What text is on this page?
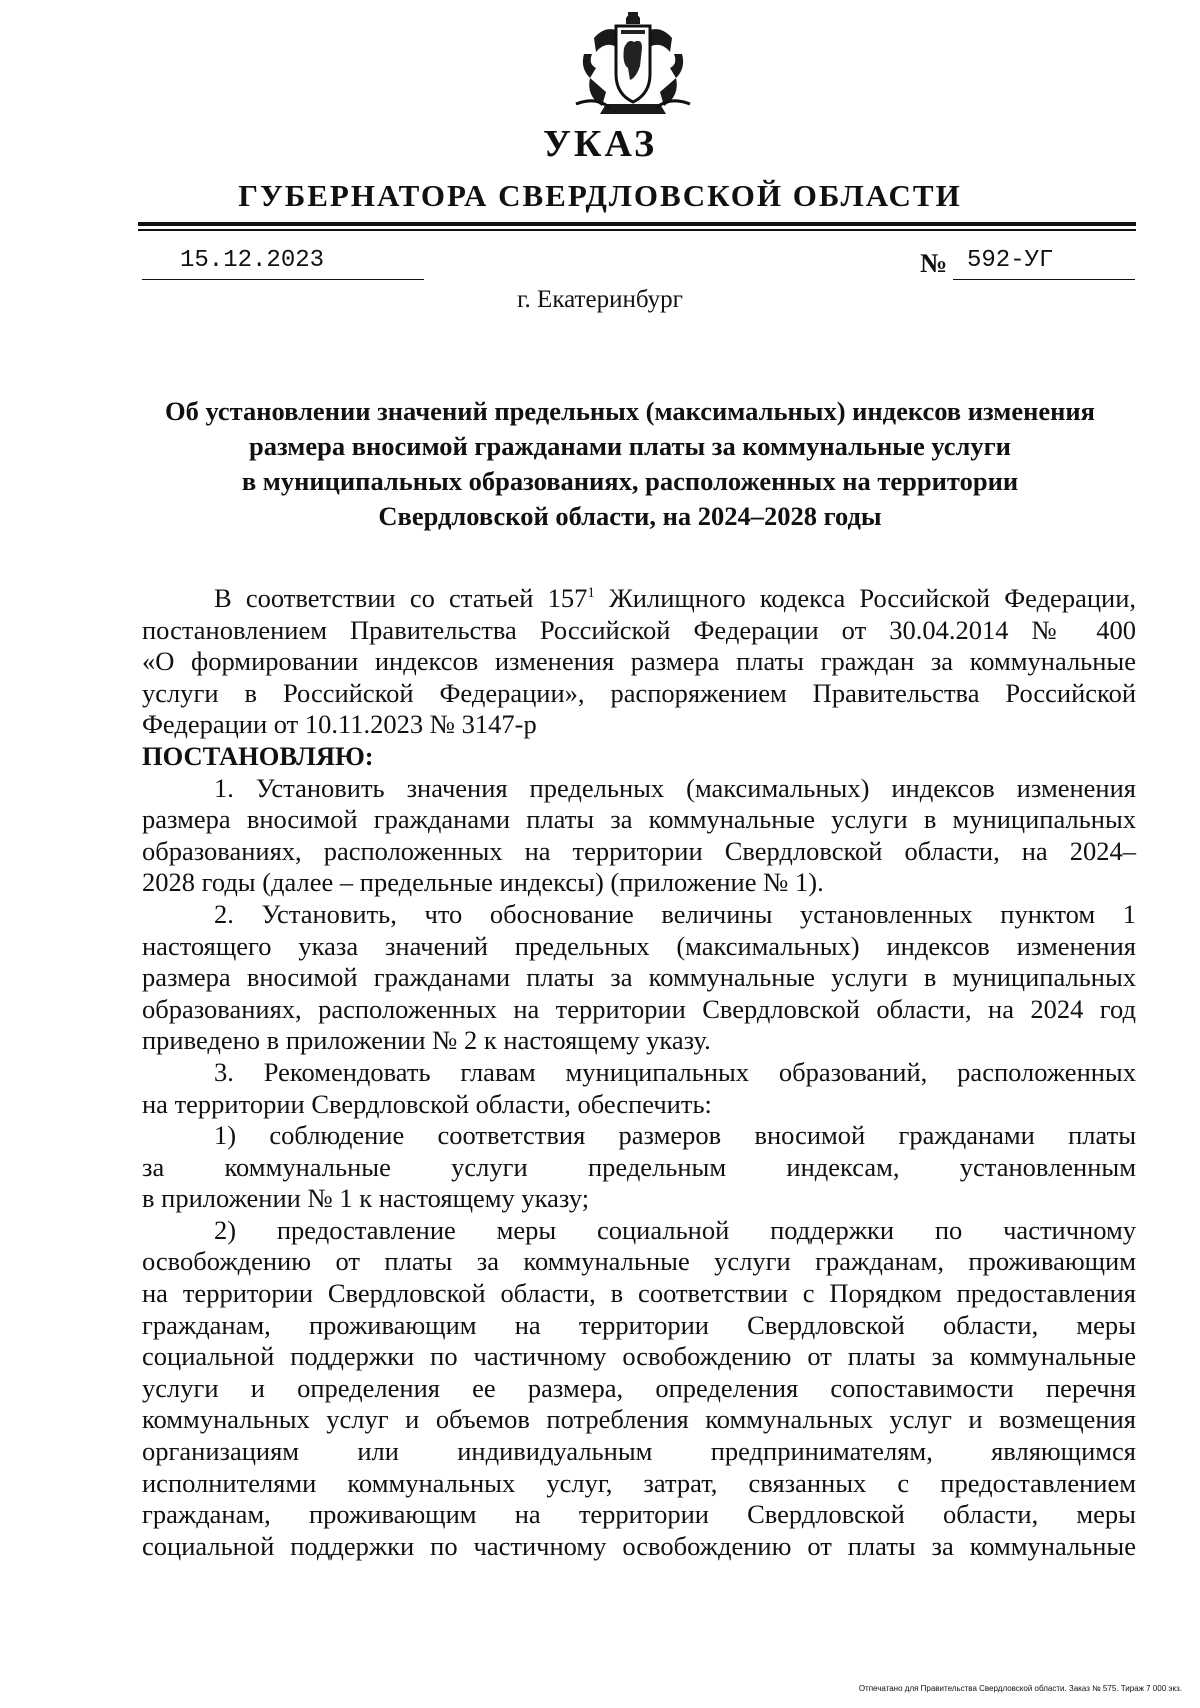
УКАЗ
ГУБЕРНАТОРА СВЕРДЛОВСКОЙ ОБЛАСТИ
15.12.2023	№ 592-УГ
г. Екатеринбург
Об установлении значений предельных (максимальных) индексов изменения
размера вносимой гражданами платы за коммунальные услуги
в муниципальных образованиях, расположенных на территории
Свердловской области, на 2024–2028 годы

В соответствии со статьей $157^1$ Жилищного кодекса Российской Федерации,

постановлением Правительства Российской Федерации от 30.04.2014 № 400

«О формировании индексов изменения размера платы граждан за коммунальные

услуги в Российской Федерации», распоряжением Правительства Российской

Федерации от 10.11.2023 № 3147-р

ПОСТАНОВЛЯЮ:

1. Установить значения предельных (максимальных) индексов изменения

размера вносимой гражданами платы за коммунальные услуги в муниципальных

образованиях, расположенных на территории Свердловской области, на 2024–

2028 годы (далее – предельные индексы) (приложение № 1).

2. Установить, что обоснование величины установленных пунктом 1

настоящего указа значений предельных (максимальных) индексов изменения

размера вносимой гражданами платы за коммунальные услуги в муниципальных

образованиях, расположенных на территории Свердловской области, на 2024 год

приведено в приложении № 2 к настоящему указу.

3. Рекомендовать главам муниципальных образований, расположенных

на территории Свердловской области, обеспечить:

1) соблюдение соответствия размеров вносимой гражданами платы

за коммунальные услуги предельным индексам, установленным

в приложении № 1 к настоящему указу;

2) предоставление меры социальной поддержки по частичному

освобождению от платы за коммунальные услуги гражданам, проживающим

на территории Свердловской области, в соответствии с Порядком предоставления

гражданам, проживающим на территории Свердловской области, меры

социальной поддержки по частичному освобождению от платы за коммунальные

услуги и определения ее размера, определения сопоставимости перечня

коммунальных услуг и объемов потребления коммунальных услуг и возмещения

организациям или индивидуальным предпринимателям, являющимся

исполнителями коммунальных услуг, затрат, связанных с предоставлением

гражданам, проживающим на территории Свердловской области, меры

социальной поддержки по частичному освобождению от платы за коммунальные

Отпечатано для Правительства Свердловской области. Заказ № 575. Тираж 7 000 экз.
